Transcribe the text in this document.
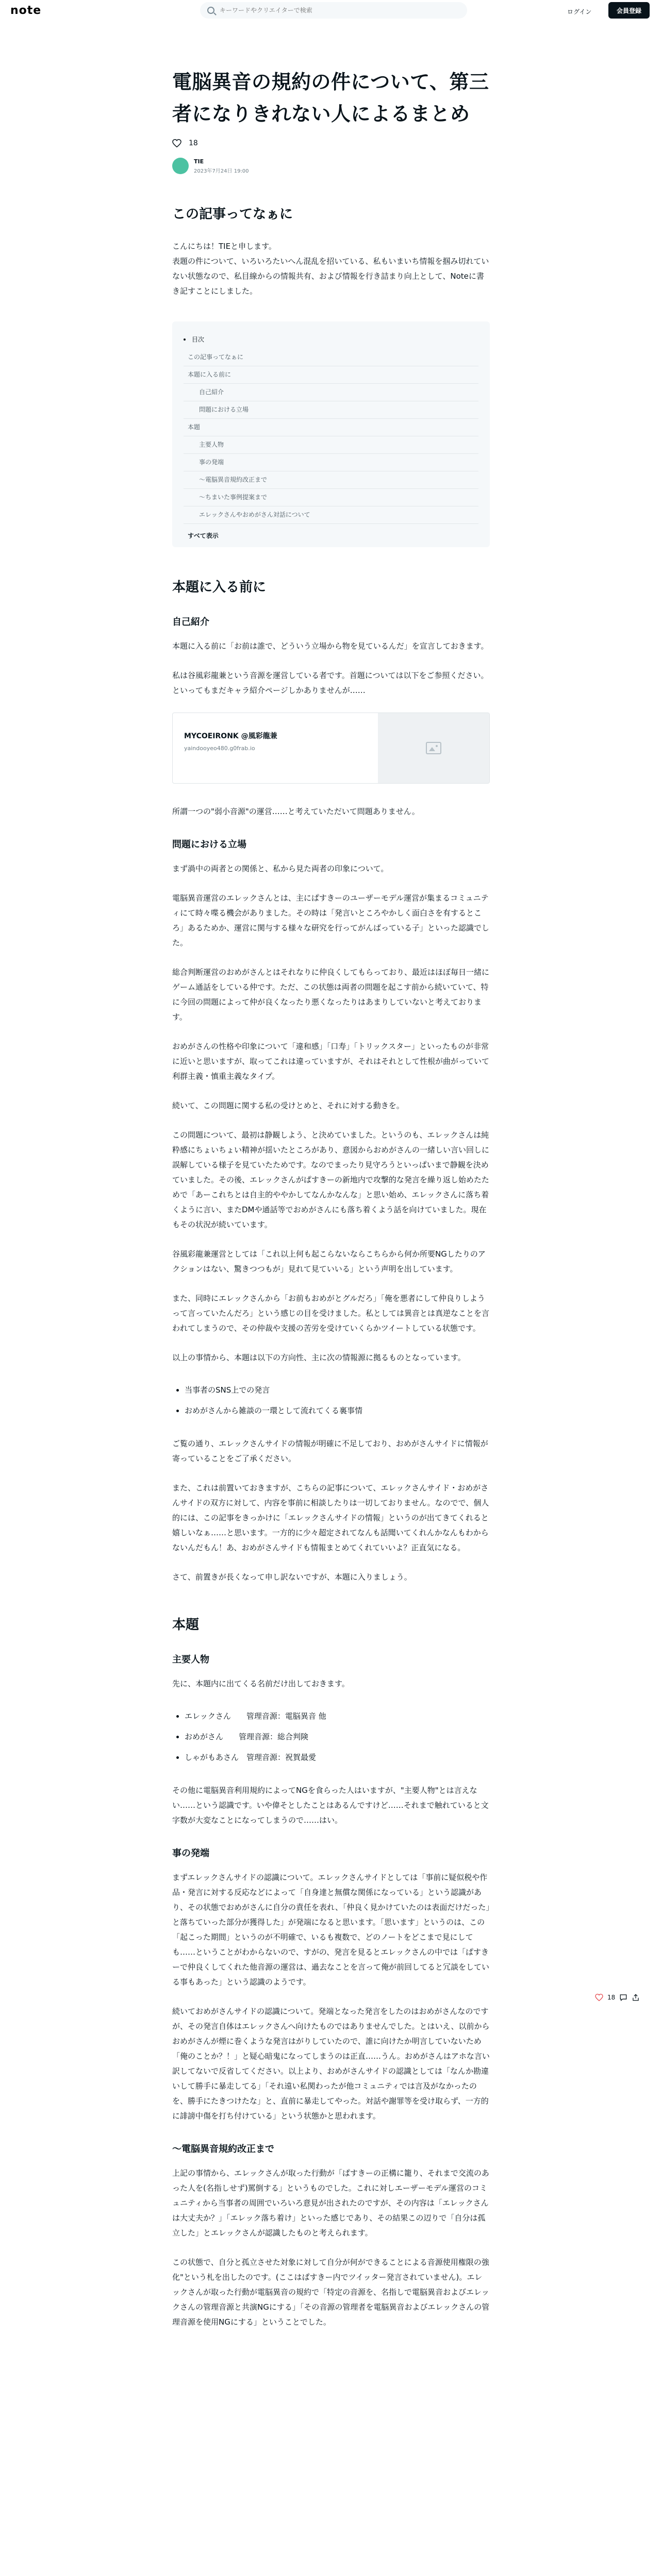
note
キーワードやクリエイターで検索	ログイン	会員登録
電脳異音の規約の件について、第三者になりきれない人によるまとめ
18
TIE
2023年7月24日 19:00
この記事ってなぁに

こんにちは！TIEと申します。

表題の件について、いろいろたいへん混乱を招いている、私もいまいち情報を掴み切れていない状態なので、私目線からの情報共有、および情報を行き詰まり向上として、Noteに書き記すことにしました。

目次
この記事ってなぁに
本題に入る前に
自己紹介
問題における立場
本題
主要人物
事の発端
～電脳異音規約改正まで
～ちまいた事例提案まで
エレックさんやおめがさん対話について
すべて表示
本題に入る前に
自己紹介

本題に入る前に「お前は誰で、どういう立場から物を見ているんだ」を宣言しておきます。

私は谷風彩龍兼という音源を運営している者です。首題については以下をご参照ください。といってもまだキャラ紹介ページしかありませんが……

MYCOEIRONK @風彩龍兼
yaindooyeo480.g0frab.io

所謂一つの"弱小音源"の運営……と考えていただいて問題ありません。

問題における立場

まず渦中の両者との関係と、私から見た両者の印象について。

電脳異音運営のエレックさんとは、主にぱすきーのユーザーモデル運営が集まるコミュニティにて時々喋る機会がありました。その時は「発言いところやかしく面白さを有するところ」あるためか、運営に関与する様々な研究を行ってがんばっている子」といった認識でした。

総合判断運営のおめがさんとはそれなりに仲良くしてもらっており、最近はほぼ毎日一緒にゲーム通話をしている仲です。ただ、この状態は両者の問題を起こす前から続いていて、特に今回の問題によって仲が良くなったり悪くなったりはあまりしていないと考えております。

おめがさんの性格や印象について「違和感」「口寿」「トリックスター」といったものが非常に近いと思いますが、取ってこれは違っていますが、それはそれとして性根が曲がっていて利群主義・慎重主義なタイプ。

続いて、この問題に関する私の受けとめと、それに対する動きを。

この問題について、最初は静観しよう、と決めていました。というのも、エレックさんは純粋感にちょいちょい精神が揺いたところがあり、意図からおめがさんの一緒しい言い回しに誤解している様子を見ていたためです。なのでまったり見守ろうといっぱいまで静観を決めていました。その後、エレックさんがぱすきーの新地内で攻撃的な発言を繰り返し始めたためで「あーこれちとは自主的ややかしてなんかなんな」と思い始め、エレックさんに落ち着くように言い、またDMや通話等でおめがさんにも落ち着くよう話を向けていました。現在もその状況が続いています。

谷風彩龍兼運営としては「これ以上何も起こらないならこちらから何か所要NGしたりのアクションはない、驚きつつもが」見れて見ていいる」という声明を出しています。

また、同時にエレックさんから「お前もおめがとグルだろ」「俺を悪者にして仲良りしようって言っていたんだろ」という感じの目を受けました。私としては異音とは真逆なことを言われてしまうので、その仲裁や支援の苦労を受けていくらかツイートしている状態です。

以上の事情から、本題は以下の方向性、主に次の情報源に拠るものとなっています。

• 当事者のSNS上での発言
• おめがさんから雑談の一環として流れてくる裏事情

ご覧の通り、エレックさんサイドの情報が明確に不足しており、おめがさんサイドに情報が寄っていることをご了承ください。

また、これは前置いておきますが、こちらの記事について、エレックさんサイド・おめがさんサイドの双方に対して、内容を事前に相談したりは一切しておりません。なのでで、個人的には、この記事をきっかけに「エレックさんサイドの情報」というのが出てきてくれると嬉しいなぁ……と思います。一方的に少々超定されてなんも話聞いてくれんかなんもわからないんだもん！あ、おめがさんサイドも情報まとめてくれていいよ？正直気になる。

さて、前置きが長くなって申し訳ないですが、本題に入りましょう。

本題
主要人物

先に、本題内に出てくる名前だけ出しておきます。

• エレックさん　　管理音源：電脳異音 他
• おめがさん　　管理音源：総合判険
• しゃがもあさん　管理音源：祝賀最愛

その他に電脳異音利用規約によってNGを食らった人はいますが、"主要人物"とは言えない……という認識です。いや偉そとしたことはあるんですけど……それまで触れていると文字数が大変なことになってしまうので……はい。

事の発端

まずエレックさんサイドの認識について。エレックさんサイドとしては「事前に疑似税や作品・発言に対する反応などによって「自身達と無償な関係になっている」という認識があり、その状態でおめがさんに自分の責任を表れ、「仲良く見かけていたのは表面だけだった」と落ちていった部分が獲得した」が発端になると思います。「思います」というのは、この「起こった期間」というのが不明確で、いるも複数で、どのノートをどこまで見にしても……ということがわからないので、すがの、発言を見るとエレックさんの中では「ぱすきーで仲良くしてくれた他音源の運営は、過去なことを言って俺が前回してると冗談をしている事もあった」という認識のようです。

続いておめがさんサイドの認識について。発端となった発言をしたのはおめがさんなのですが、その発言自体はエレックさんへ向けたものではありませんでした。とはいえ、以前からおめがさんが煙に巻くような発言はがりしていたので、誰に向けたか明言していないため「俺のことか？！」と疑心暗鬼になってしまうのは正直……うん。おめがさんはアホな言い訳してないで反省してください。以上より、おめがさんサイドの認識としては「なんか勘違いして勝手に暴走してる」「それ遠い私関わったが他コミュニティでは言及がなかったのを、勝手にたきつけたな」と、直前に暴走してやった。対話や謝罪等を受け取らず、一方的に誹謗中傷を打ち付けている」という状態かと思われます。

～電脳異音規約改正まで

上記の事情から、エレックさんが取った行動が「ぱすきーの正構に籠り、それまで交流のあった人を(名指しせず)罵倒する」というものでした。これに対しエーザーモデル運営のコミュニティから当事者の周囲でいろいろ意見が出されたのですが、その内容は「エレックさんは大丈夫か？」「エレック落ち着け」といった感じであり、その結果この辺りで「自分は孤立した」とエレックさんが認識したものと考えられます。

この状態で、自分と孤立させた対象に対して自分が何ができることによる音源使用権限の強化"という札を出したのです。(ここはぱすきー内でツイッター発言されていません)。エレックさんが取った行動が電脳異音の規約で「特定の音源を、名指しで電脳異音およびエレックさんの管理音源と共演NGにする」「その音源の管理者を電脳異音およびエレックさんの管理音源を使用NGにする」ということでした。

18
